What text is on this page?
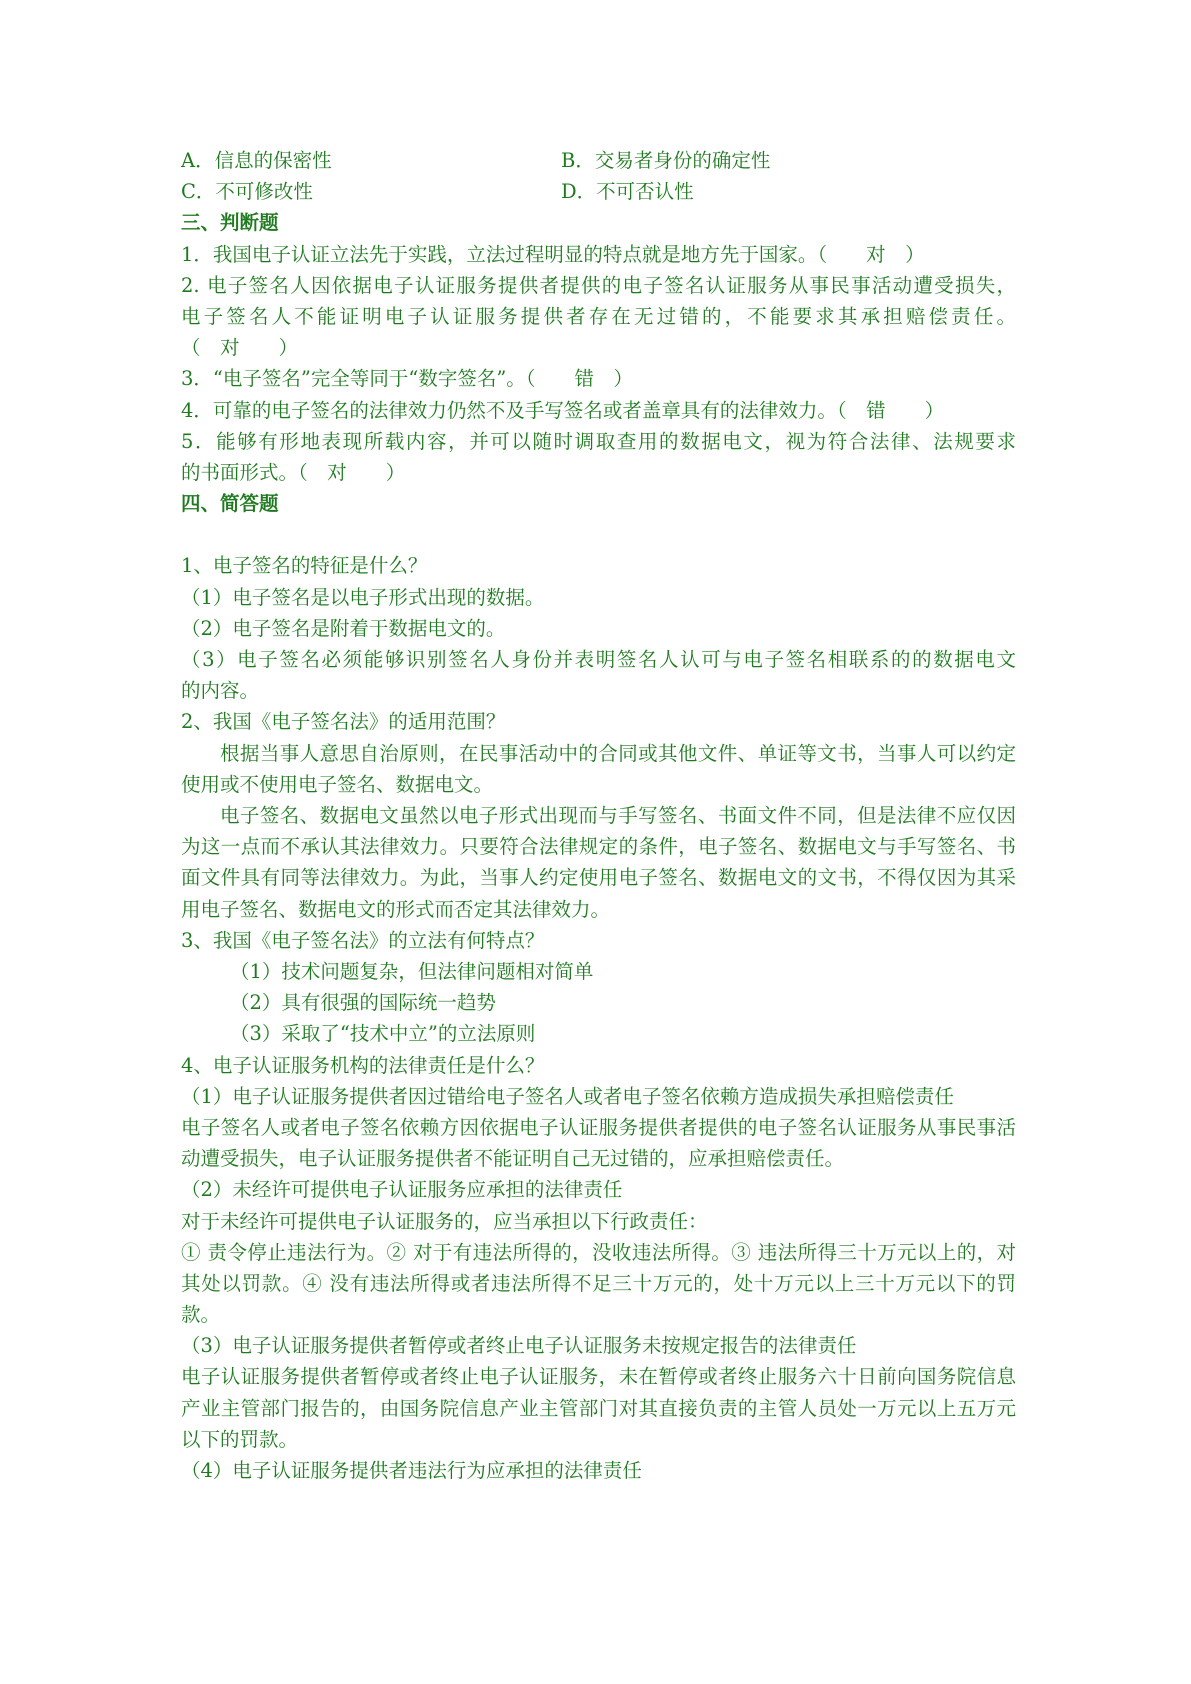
A．信息的保密性	B．交易者身份的确定性
C．不可修改性	D．不可否认性
三、判断题
1．我国电子认证立法先于实践，立法过程明显的特点就是地方先于国家。（　　对　）
2. 电子签名人因依据电子认证服务提供者提供的电子签名认证服务从事民事活动遭受损失，
电子签名人不能证明电子认证服务提供者存在无过错的，不能要求其承担赔偿责任。
（　对　　）
3．“电子签名”完全等同于“数字签名”。（　　错　）
4．可靠的电子签名的法律效力仍然不及手写签名或者盖章具有的法律效力。（　错　　）
5．能够有形地表现所载内容，并可以随时调取查用的数据电文，视为符合法律、法规要求
的书面形式。（　对　　）
四、简答题
1、电子签名的特征是什么？
（1）电子签名是以电子形式出现的数据。
（2）电子签名是附着于数据电文的。
（3）电子签名必须能够识别签名人身份并表明签名人认可与电子签名相联系的的数据电文
的内容。
2、我国《电子签名法》的适用范围？
根据当事人意思自治原则，在民事活动中的合同或其他文件、单证等文书，当事人可以约定使用或不使用电子签名、数据电文。
电子签名、数据电文虽然以电子形式出现而与手写签名、书面文件不同，但是法律不应仅因为这一点而不承认其法律效力。只要符合法律规定的条件，电子签名、数据电文与手写签名、书面文件具有同等法律效力。为此，当事人约定使用电子签名、数据电文的文书，不得仅因为其采用电子签名、数据电文的形式而否定其法律效力。
3、我国《电子签名法》的立法有何特点？
（1）技术问题复杂，但法律问题相对简单
（2）具有很强的国际统一趋势
（3）采取了“技术中立”的立法原则
4、电子认证服务机构的法律责任是什么？
（1）电子认证服务提供者因过错给电子签名人或者电子签名依赖方造成损失承担赔偿责任
电子签名人或者电子签名依赖方因依据电子认证服务提供者提供的电子签名认证服务从事民事活动遭受损失，电子认证服务提供者不能证明自己无过错的，应承担赔偿责任。
（2）未经许可提供电子认证服务应承担的法律责任
对于未经许可提供电子认证服务的，应当承担以下行政责任：
① 责令停止违法行为。② 对于有违法所得的，没收违法所得。③ 违法所得三十万元以上的，对其处以罚款。④ 没有违法所得或者违法所得不足三十万元的，处十万元以上三十万元以下的罚款。
（3）电子认证服务提供者暂停或者终止电子认证服务未按规定报告的法律责任
电子认证服务提供者暂停或者终止电子认证服务，未在暂停或者终止服务六十日前向国务院信息产业主管部门报告的，由国务院信息产业主管部门对其直接负责的主管人员处一万元以上五万元以下的罚款。
（4）电子认证服务提供者违法行为应承担的法律责任
